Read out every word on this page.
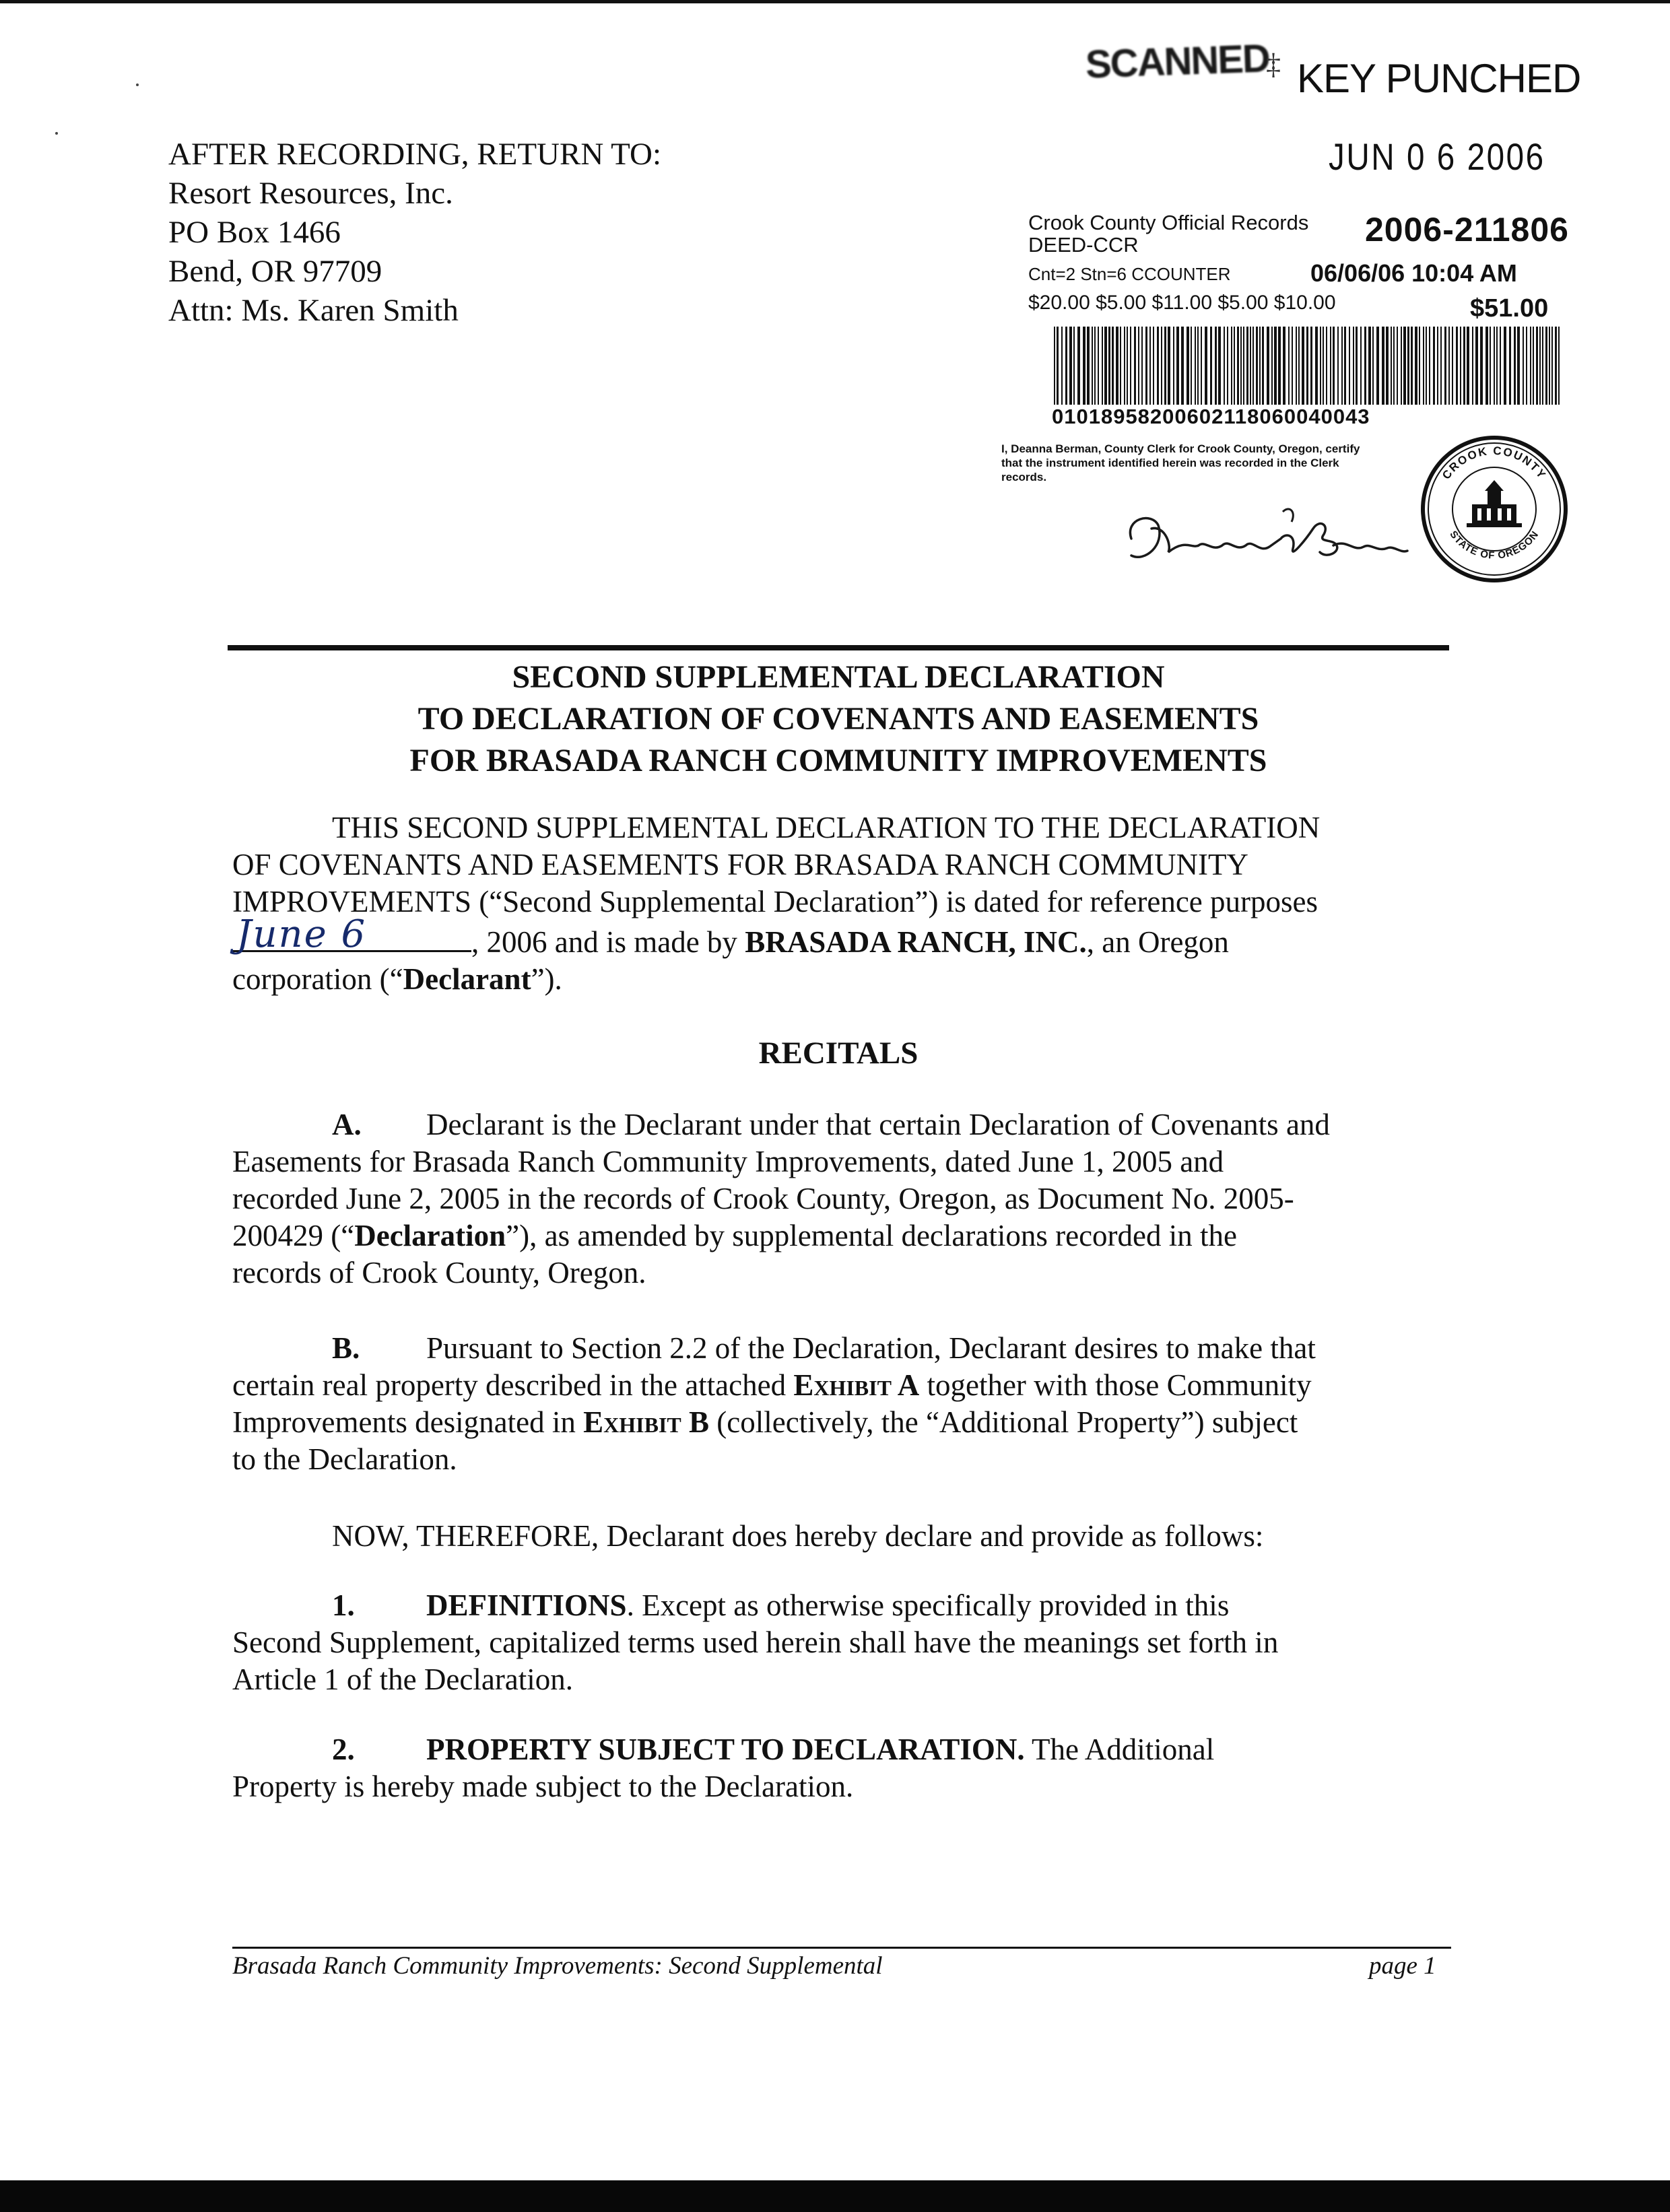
AFTER RECORDING, RETURN TO:
Resort Resources, Inc.
PO Box 1466
Bend, OR 97709
Attn: Ms. Karen Smith
SCANNED
‡ KEY PUNCHED
JUN 0 6 2006
Crook County Official Records
DEED-CCR
Cnt=2 Stn=6 CCOUNTER
$20.00 $5.00 $11.00 $5.00 $10.00
2006-211806
06/06/06 10:04 AM
$51.00
01018958200602118060040043
I, Deanna Berman, County Clerk for Crook County, Oregon, certify that the instrument identified herein was recorded in the Clerk records.	CROOK COUNTY
STATE OF OREGON
SECOND SUPPLEMENTAL DECLARATION
TO DECLARATION OF COVENANTS AND EASEMENTS
FOR BRASADA RANCH COMMUNITY IMPROVEMENTS

THIS SECOND SUPPLEMENTAL DECLARATION TO THE DECLARATION

OF COVENANTS AND EASEMENTS FOR BRASADA RANCH COMMUNITY

IMPROVEMENTS (“Second Supplemental Declaration”) is dated for reference purposes

June 6	, 2006 and is made by BRASADA RANCH, INC., an Oregon

corporation (“Declarant”).

RECITALS

A. Declarant is the Declarant under that certain Declaration of Covenants and

Easements for Brasada Ranch Community Improvements, dated June 1, 2005 and

recorded June 2, 2005 in the records of Crook County, Oregon, as Document No. 2005-

200429 (“Declaration”), as amended by supplemental declarations recorded in the

records of Crook County, Oregon.

B. Pursuant to Section 2.2 of the Declaration, Declarant desires to make that

certain real property described in the attached Exhibit A together with those Community

Improvements designated in Exhibit B (collectively, the “Additional Property”) subject

to the Declaration.

NOW, THEREFORE, Declarant does hereby declare and provide as follows:

1. DEFINITIONS. Except as otherwise specifically provided in this

Second Supplement, capitalized terms used herein shall have the meanings set forth in

Article 1 of the Declaration.

2. PROPERTY SUBJECT TO DECLARATION. The Additional

Property is hereby made subject to the Declaration.

Brasada Ranch Community Improvements: Second Supplemental	page 1
